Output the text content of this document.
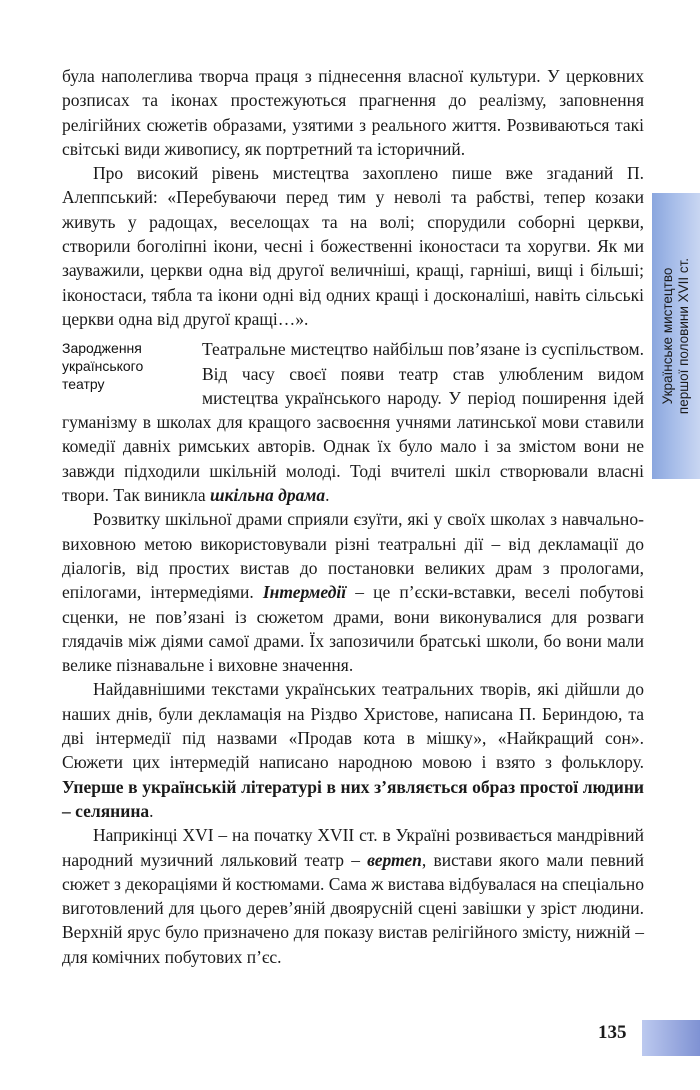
була наполеглива творча праця з піднесення власної культури. У церковних розписах та іконах простежуються прагнення до реалізму, заповнення релігійних сюжетів образами, узятими з реального життя. Розвиваються такі світські види живопису, як портретний та історичний.

Про високий рівень мистецтва захоплено пише вже згаданий П. Алеппський: «Перебуваючи перед тим у неволі та рабстві, тепер козаки живуть у радощах, веселощах та на волі; спорудили соборні церкви, створили боголіпні ікони, чесні і божественні іконостаси та хоругви. Як ми зауважили, церкви одна від другої величніші, кращі, гарніші, вищі і більші; іконостаси, тябла та ікони одні від одних кращі і досконаліші, навіть сільські церкви одна від другої кращі…».

Зародження
українського
театру

Театральне мистецтво найбільш пов’язане із суспільством. Від часу своєї появи театр став улюбленим видом мистецтва українського народу. У період поширення ідей гуманізму в школах для кращого засвоєння учнями латинської мови ставили комедії давніх римських авторів. Однак їх було мало і за змістом вони не завжди підходили шкільній молоді. Тоді вчителі шкіл створювали власні твори. Так виникла шкільна драма.

Розвитку шкільної драми сприяли єзуїти, які у своїх школах з навчально-виховною метою використовували різні театральні дії – від декламації до діалогів, від простих вистав до постановки великих драм з прологами, епілогами, інтермедіями. Інтермедії – це п’єски-вставки, веселі побутові сценки, не пов’язані із сюжетом драми, вони виконувалися для розваги глядачів між діями самої драми. Їх запозичили братські школи, бо вони мали велике пізнавальне і виховне значення.

Найдавнішими текстами українських театральних творів, які дійшли до наших днів, були декламація на Різдво Христове, написана П. Бериндою, та дві інтермедії під назвами «Продав кота в мішку», «Найкращий сон». Сюжети цих інтермедій написано народною мовою і взято з фольклору. Уперше в українській літературі в них з’являється образ простої людини – селянина.

Наприкінці XVI – на початку XVII ст. в Україні розвивається мандрівний народний музичний ляльковий театр – вертеп, вистави якого мали певний сюжет з декораціями й костюмами. Сама ж вистава відбувалася на спеціально виготовлений для цього дерев’яній двоярусній сцені завішки у зріст людини. Верхній ярус було призначено для показу вистав релігійного змісту, нижній – для комічних побутових п’єс.

Українське мистецтво першої половини XVII ст.
135
